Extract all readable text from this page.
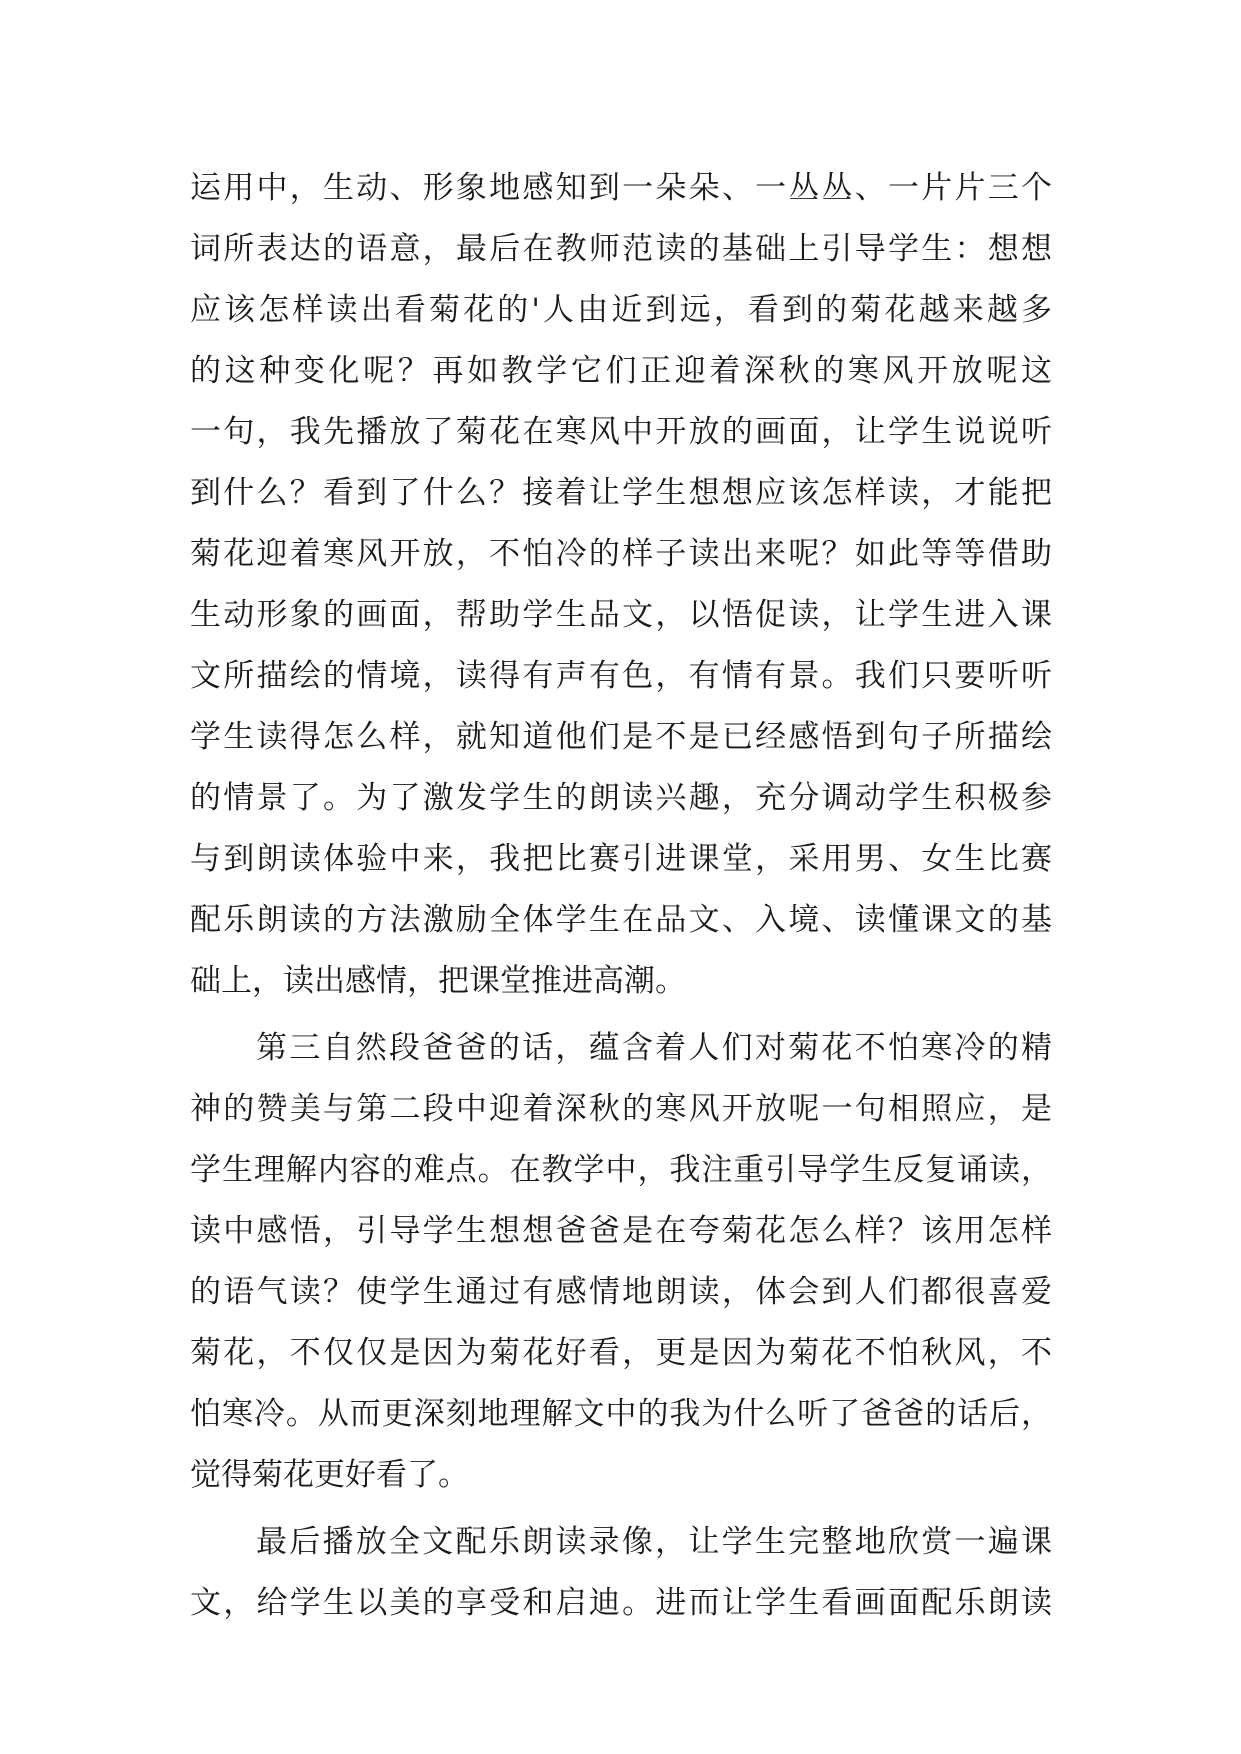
运用中，生动、形象地感知到一朵朵、一丛丛、一片片三个
词所表达的语意，最后在教师范读的基础上引导学生：想想
应该怎样读出看菊花的'人由近到远，看到的菊花越来越多
的这种变化呢？再如教学它们正迎着深秋的寒风开放呢这
一句，我先播放了菊花在寒风中开放的画面，让学生说说听
到什么？看到了什么？接着让学生想想应该怎样读，才能把
菊花迎着寒风开放，不怕冷的样子读出来呢？如此等等借助
生动形象的画面，帮助学生品文，以悟促读，让学生进入课
文所描绘的情境，读得有声有色，有情有景。我们只要听听
学生读得怎么样，就知道他们是不是已经感悟到句子所描绘
的情景了。为了激发学生的朗读兴趣，充分调动学生积极参
与到朗读体验中来，我把比赛引进课堂，采用男、女生比赛
配乐朗读的方法激励全体学生在品文、入境、读懂课文的基
础上，读出感情，把课堂推进高潮。
第三自然段爸爸的话，蕴含着人们对菊花不怕寒冷的精
神的赞美与第二段中迎着深秋的寒风开放呢一句相照应，是
学生理解内容的难点。在教学中，我注重引导学生反复诵读，
读中感悟，引导学生想想爸爸是在夸菊花怎么样？该用怎样
的语气读？使学生通过有感情地朗读，体会到人们都很喜爱
菊花，不仅仅是因为菊花好看，更是因为菊花不怕秋风，不
怕寒冷。从而更深刻地理解文中的我为什么听了爸爸的话后，
觉得菊花更好看了。
最后播放全文配乐朗读录像，让学生完整地欣赏一遍课
文，给学生以美的享受和启迪。进而让学生看画面配乐朗读
